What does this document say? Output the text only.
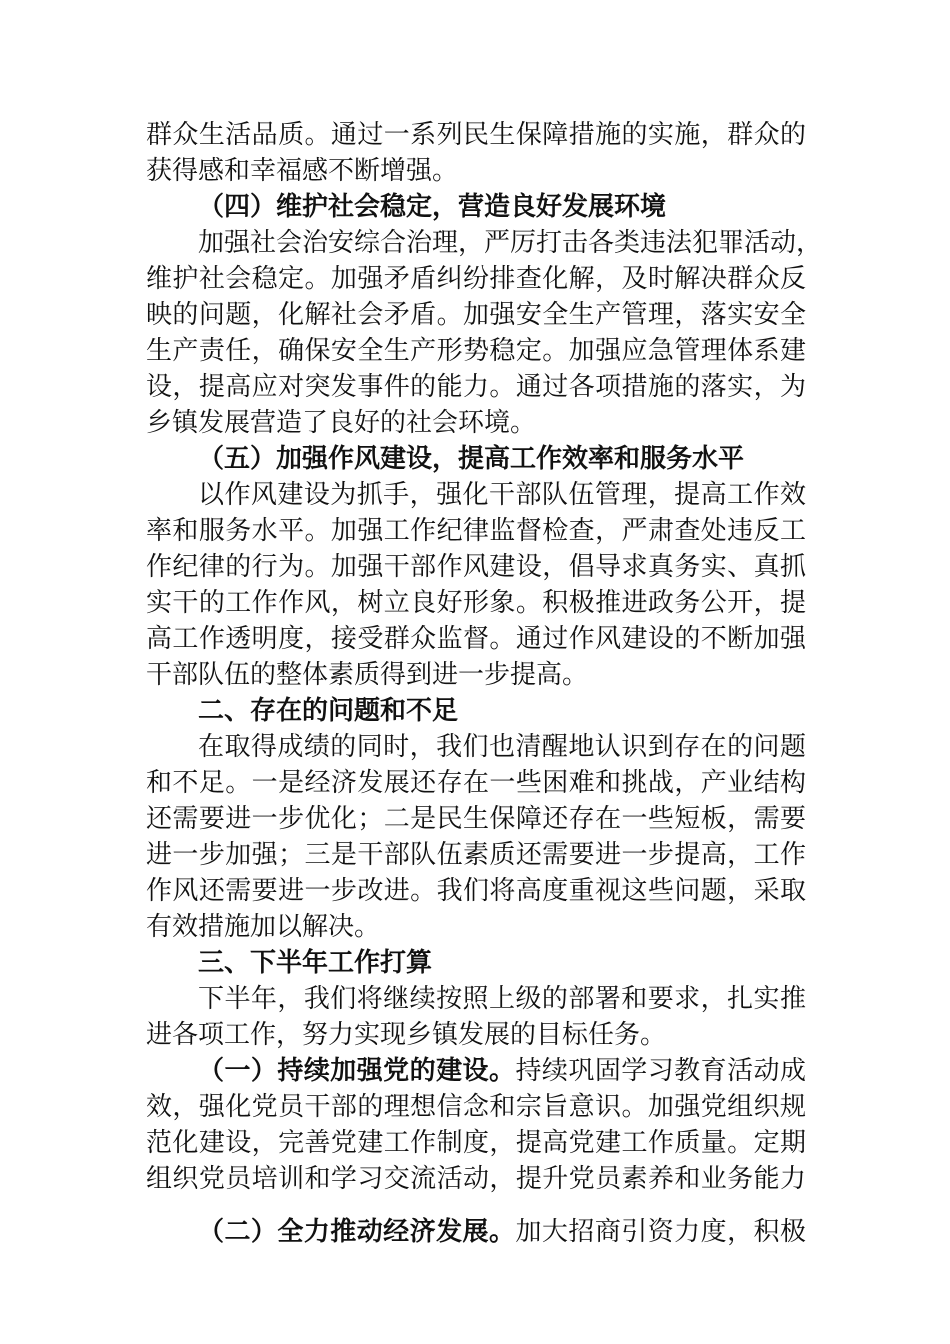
群众生活品质。通过一系列民生保障措施的实施，群众的
获得感和幸福感不断增强。
（四）维护社会稳定，营造良好发展环境
加强社会治安综合治理，严厉打击各类违法犯罪活动，
维护社会稳定。加强矛盾纠纷排查化解，及时解决群众反
映的问题，化解社会矛盾。加强安全生产管理，落实安全
生产责任，确保安全生产形势稳定。加强应急管理体系建
设，提高应对突发事件的能力。通过各项措施的落实，为
乡镇发展营造了良好的社会环境。
（五）加强作风建设，提高工作效率和服务水平
以作风建设为抓手，强化干部队伍管理，提高工作效
率和服务水平。加强工作纪律监督检查，严肃查处违反工
作纪律的行为。加强干部作风建设，倡导求真务实、真抓
实干的工作作风，树立良好形象。积极推进政务公开，提
高工作透明度，接受群众监督。通过作风建设的不断加强
干部队伍的整体素质得到进一步提高。
二、存在的问题和不足
在取得成绩的同时，我们也清醒地认识到存在的问题
和不足。一是经济发展还存在一些困难和挑战，产业结构
还需要进一步优化；二是民生保障还存在一些短板，需要
进一步加强；三是干部队伍素质还需要进一步提高，工作
作风还需要进一步改进。我们将高度重视这些问题，采取
有效措施加以解决。
三、下半年工作打算
下半年，我们将继续按照上级的部署和要求，扎实推
进各项工作，努力实现乡镇发展的目标任务。
（一）持续加强党的建设。持续巩固学习教育活动成
效，强化党员干部的理想信念和宗旨意识。加强党组织规
范化建设，完善党建工作制度，提高党建工作质量。定期
组织党员培训和学习交流活动，提升党员素养和业务能力
（二）全力推动经济发展。加大招商引资力度，积极
